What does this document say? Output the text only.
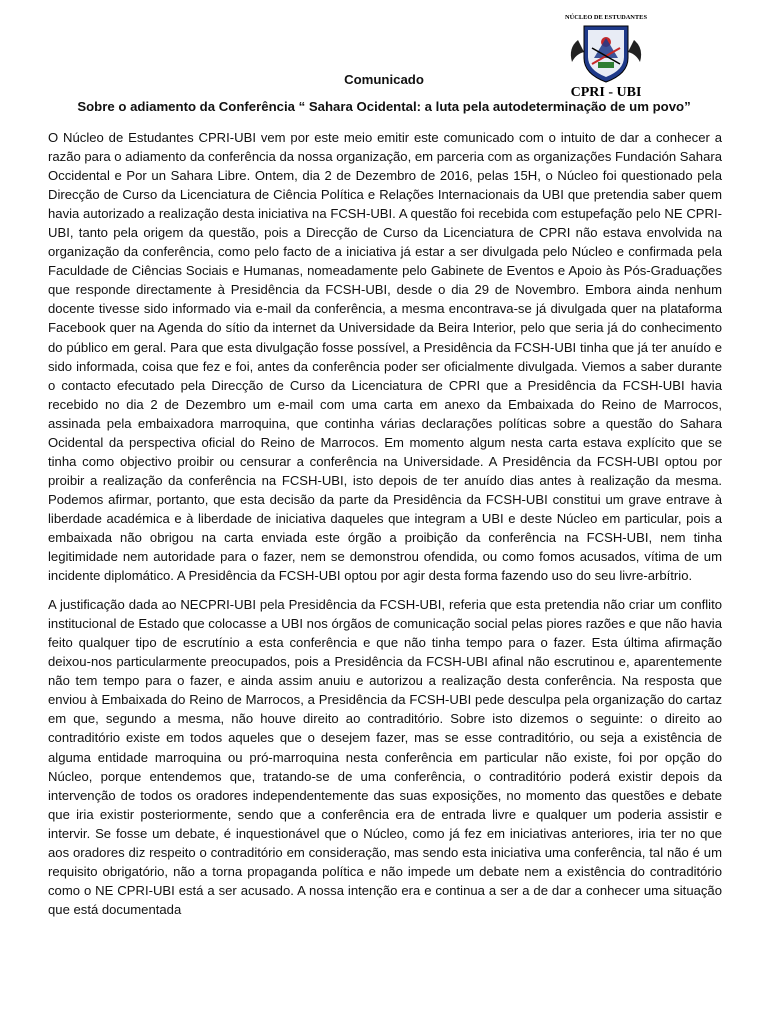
NÚCLEO DE ESTUDANTES
CPRI - UBI
Comunicado
Sobre o adiamento da Conferência “ Sahara Ocidental: a luta pela autodeterminação de um povo”

O Núcleo de Estudantes CPRI-UBI vem por este meio emitir este comunicado com o intuito de dar a conhecer a razão para o adiamento da conferência da nossa organização, em parceria com as organizações Fundación Sahara Occidental e Por un Sahara Libre. Ontem, dia 2 de Dezembro de 2016, pelas 15H, o Núcleo foi questionado pela Direcção de Curso da Licenciatura de Ciência Política e Relações Internacionais da UBI que pretendia saber quem havia autorizado a realização desta iniciativa na FCSH-UBI. A questão foi recebida com estupefação pelo NE CPRI-UBI, tanto pela origem da questão, pois a Direcção de Curso da Licenciatura de CPRI não estava envolvida na organização da conferência, como pelo facto de a iniciativa já estar a ser divulgada pelo Núcleo e confirmada pela Faculdade de Ciências Sociais e Humanas, nomeadamente pelo Gabinete de Eventos e Apoio às Pós-Graduações que responde directamente à Presidência da FCSH-UBI, desde o dia 29 de Novembro. Embora ainda nenhum docente tivesse sido informado via e-mail da conferência, a mesma encontrava-se já divulgada quer na plataforma Facebook quer na Agenda do sítio da internet da Universidade da Beira Interior, pelo que seria já do conhecimento do público em geral. Para que esta divulgação fosse possível, a Presidência da FCSH-UBI tinha que já ter anuído e sido informada, coisa que fez e foi, antes da conferência poder ser oficialmente divulgada. Viemos a saber durante o contacto efecutado pela Direcção de Curso da Licenciatura de CPRI que a Presidência da FCSH-UBI havia recebido no dia 2 de Dezembro um e-mail com uma carta em anexo da Embaixada do Reino de Marrocos, assinada pela embaixadora marroquina, que continha várias declarações políticas sobre a questão do Sahara Ocidental da perspectiva oficial do Reino de Marrocos. Em momento algum nesta carta estava explícito que se tinha como objectivo proibir ou censurar a conferência na Universidade. A Presidência da FCSH-UBI optou por proibir a realização da conferência na FCSH-UBI, isto depois de ter anuído dias antes à realização da mesma. Podemos afirmar, portanto, que esta decisão da parte da Presidência da FCSH-UBI constitui um grave entrave à liberdade académica e à liberdade de iniciativa daqueles que integram a UBI e deste Núcleo em particular, pois a embaixada não obrigou na carta enviada este órgão a proibição da conferência na FCSH-UBI, nem tinha legitimidade nem autoridade para o fazer, nem se demonstrou ofendida, ou como fomos acusados, vítima de um incidente diplomático. A Presidência da FCSH-UBI optou por agir desta forma fazendo uso do seu livre-arbítrio.

A justificação dada ao NECPRI-UBI pela Presidência da FCSH-UBI, referia que esta pretendia não criar um conflito institucional de Estado que colocasse a UBI nos órgãos de comunicação social pelas piores razões e que não havia feito qualquer tipo de escrutínio a esta conferência e que não tinha tempo para o fazer. Esta última afirmação deixou-nos particularmente preocupados, pois a Presidência da FCSH-UBI afinal não escrutinou e, aparentemente não tem tempo para o fazer, e ainda assim anuiu e autorizou a realização desta conferência. Na resposta que enviou à Embaixada do Reino de Marrocos, a Presidência da FCSH-UBI pede desculpa pela organização do cartaz em que, segundo a mesma, não houve direito ao contraditório. Sobre isto dizemos o seguinte: o direito ao contraditório existe em todos aqueles que o desejem fazer, mas se esse contraditório, ou seja a existência de alguma entidade marroquina ou pró-marroquina nesta conferência em particular não existe, foi por opção do Núcleo, porque entendemos que, tratando-se de uma conferência, o contraditório poderá existir depois da intervenção de todos os oradores independentemente das suas exposições, no momento das questões e debate que iria existir posteriormente, sendo que a conferência era de entrada livre e qualquer um poderia assistir e intervir. Se fosse um debate, é inquestionável que o Núcleo, como já fez em iniciativas anteriores, iria ter no que aos oradores diz respeito o contraditório em consideração, mas sendo esta iniciativa uma conferência, tal não é um requisito obrigatório, não a torna propaganda política e não impede um debate nem a existência do contraditório como o NE CPRI-UBI está a ser acusado. A nossa intenção era e continua a ser a de dar a conhecer uma situação que está documentada
